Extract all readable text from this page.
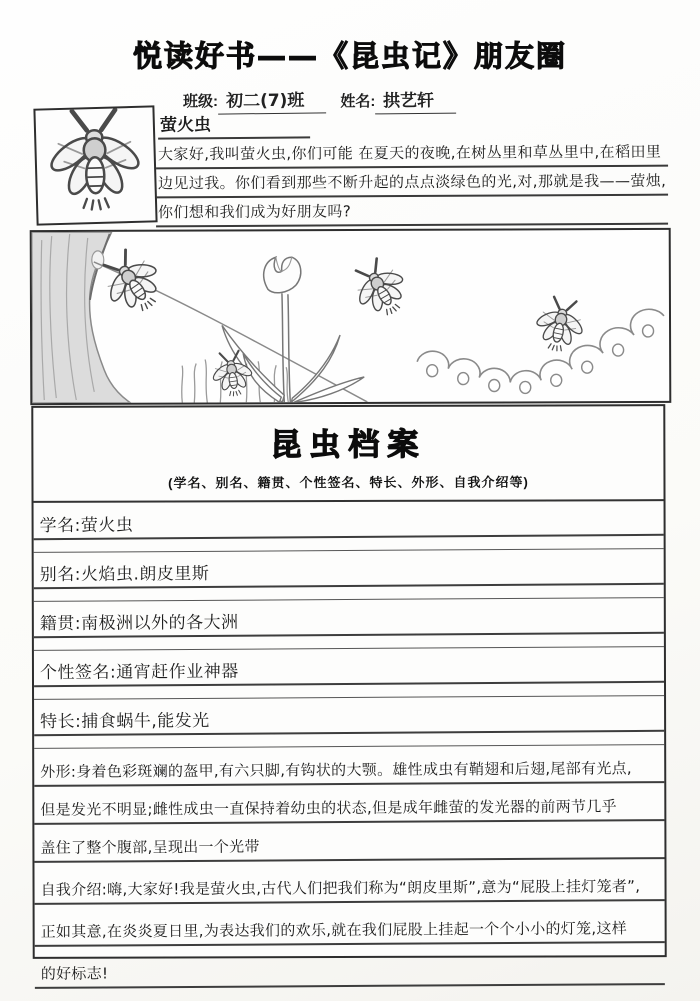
悦读好书——《昆虫记》朋友圈
班级: 初二(7)班	姓名: 拱艺轩
萤火虫
大家好,我叫萤火虫,你们可能 在夏天的夜晚,在树丛里和草丛里中,在稻田里
边见过我。你们看到那些不断升起的点点淡绿色的光,对,那就是我——萤烛,
你们想和我们成为好朋友吗?
昆虫档案
(学名、别名、籍贯、个性签名、特长、外形、自我介绍等)
学名:萤火虫
别名:火焰虫.朗皮里斯
籍贯:南极洲以外的各大洲
个性签名:通宵赶作业神器
特长:捕食蜗牛,能发光
外形:身着色彩斑斓的盔甲,有六只脚,有钩状的大颚。雄性成虫有鞘翅和后翅,尾部有光点,
但是发光不明显;雌性成虫一直保持着幼虫的状态,但是成年雌萤的发光器的前两节几乎
盖住了整个腹部,呈现出一个光带
自我介绍:嗨,大家好!我是萤火虫,古代人们把我们称为“朗皮里斯”,意为“屁股上挂灯笼者”,
正如其意,在炎炎夏日里,为表达我们的欢乐,就在我们屁股上挂起一个个小小的灯笼,这样
的好标志!
